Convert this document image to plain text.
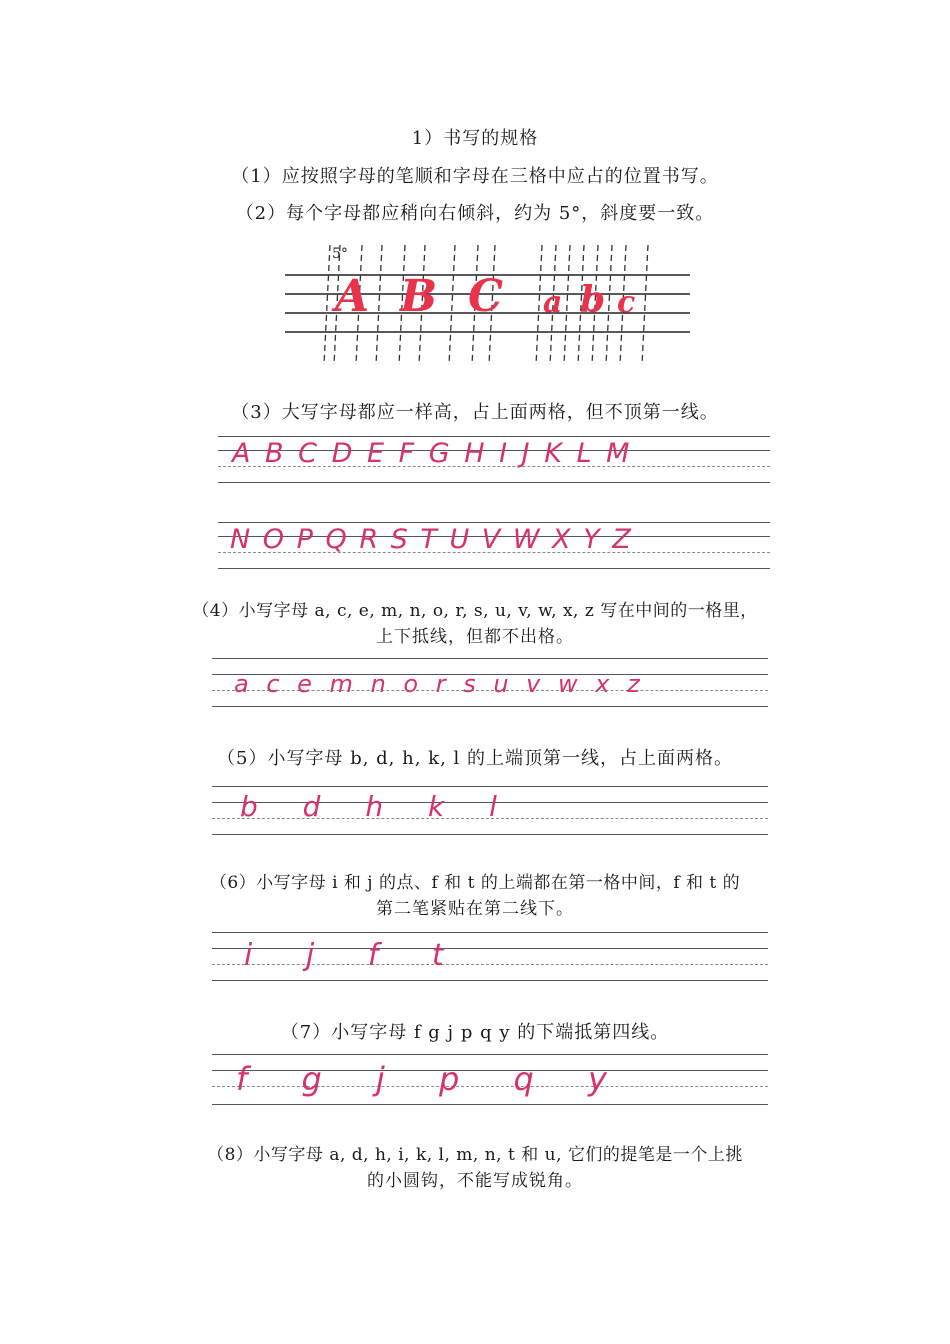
1）书写的规格
（1）应按照字母的笔顺和字母在三格中应占的位置书写。
（2）每个字母都应稍向右倾斜，约为 5°，斜度要一致。
5°
A B C a b c
（3）大写字母都应一样高，占上面两格，但不顶第一线。
A B C D E F G H I J K L M
N O P Q R S T U V W X Y Z
（4）小写字母 a, c, e, m, n, o, r, s, u, v, w, x, z 写在中间的一格里，
上下抵线，但都不出格。
a c e m n o r s u v w x z
（5）小写字母 b, d, h, k, l 的上端顶第一线，占上面两格。
b d h k l
（6）小写字母 i 和 j 的点、f 和 t 的上端都在第一格中间，f 和 t 的
第二笔紧贴在第二线下。
i j f t
（7）小写字母 f g j p q y 的下端抵第四线。
f g j p q y
（8）小写字母 a, d, h, i, k, l, m, n, t 和 u, 它们的提笔是一个上挑
的小圆钩，不能写成锐角。
